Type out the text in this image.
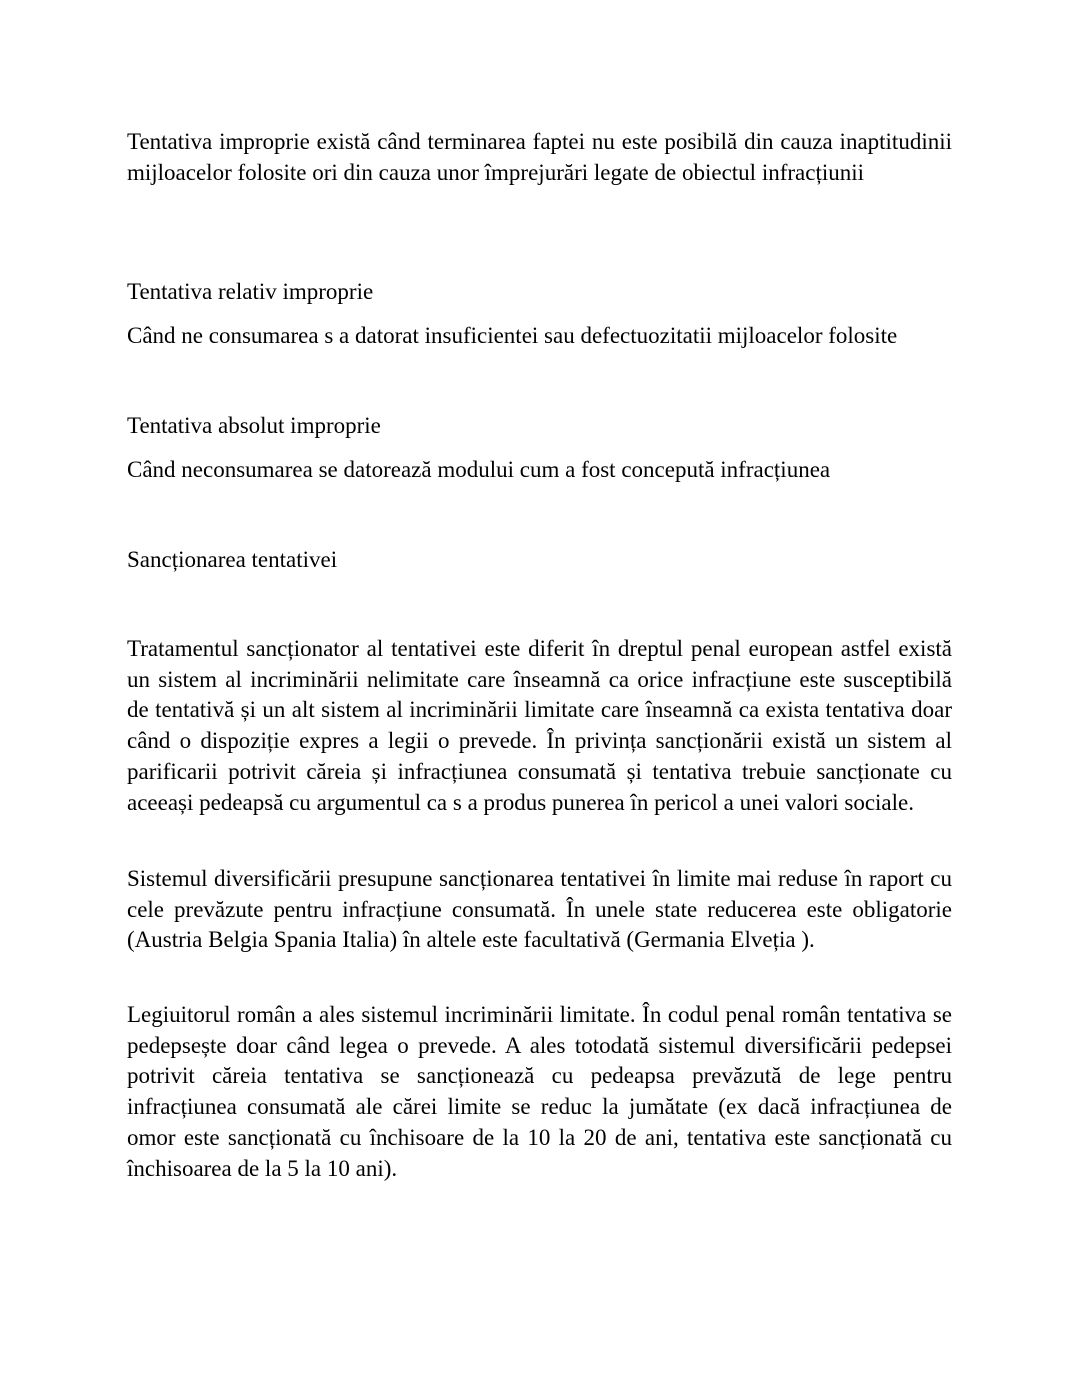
Tentativa improprie există când terminarea faptei nu este posibilă din cauza inaptitudinii mijloacelor folosite ori din cauza unor împrejurări legate de obiectul infracțiunii

Tentativa relativ improprie

Când ne consumarea s a datorat insuficientei sau defectuozitatii mijloacelor folosite

Tentativa absolut improprie

Când neconsumarea se datorează modului cum a fost concepută infracțiunea

Sancționarea tentativei

Tratamentul sancționator al tentativei este diferit în dreptul penal european astfel există un sistem al incriminării nelimitate care înseamnă ca orice infracțiune este susceptibilă de tentativă și un alt sistem al incriminării limitate care înseamnă ca exista tentativa doar când o dispoziție expres a legii o prevede. În privința sancționării există un sistem al parificarii potrivit căreia și infracțiunea consumată și tentativa trebuie sancționate cu aceeași pedeapsă cu argumentul ca s a produs punerea în pericol a unei valori sociale.

Sistemul diversificării presupune sancționarea tentativei în limite mai reduse în raport cu cele prevăzute pentru infracțiune consumată. În unele state reducerea este obligatorie (Austria Belgia Spania Italia) în altele este facultativă (Germania Elveția ).

Legiuitorul român a ales sistemul incriminării limitate. În codul penal român tentativa se pedepsește doar când legea o prevede. A ales totodată sistemul diversificării pedepsei potrivit căreia tentativa se sancționează cu pedeapsa prevăzută de lege pentru infracțiunea consumată ale cărei limite se reduc la jumătate (ex dacă infracțiunea de omor este sancționată cu închisoare de la 10 la 20 de ani, tentativa este sancționată cu închisoarea de la 5 la 10 ani).
